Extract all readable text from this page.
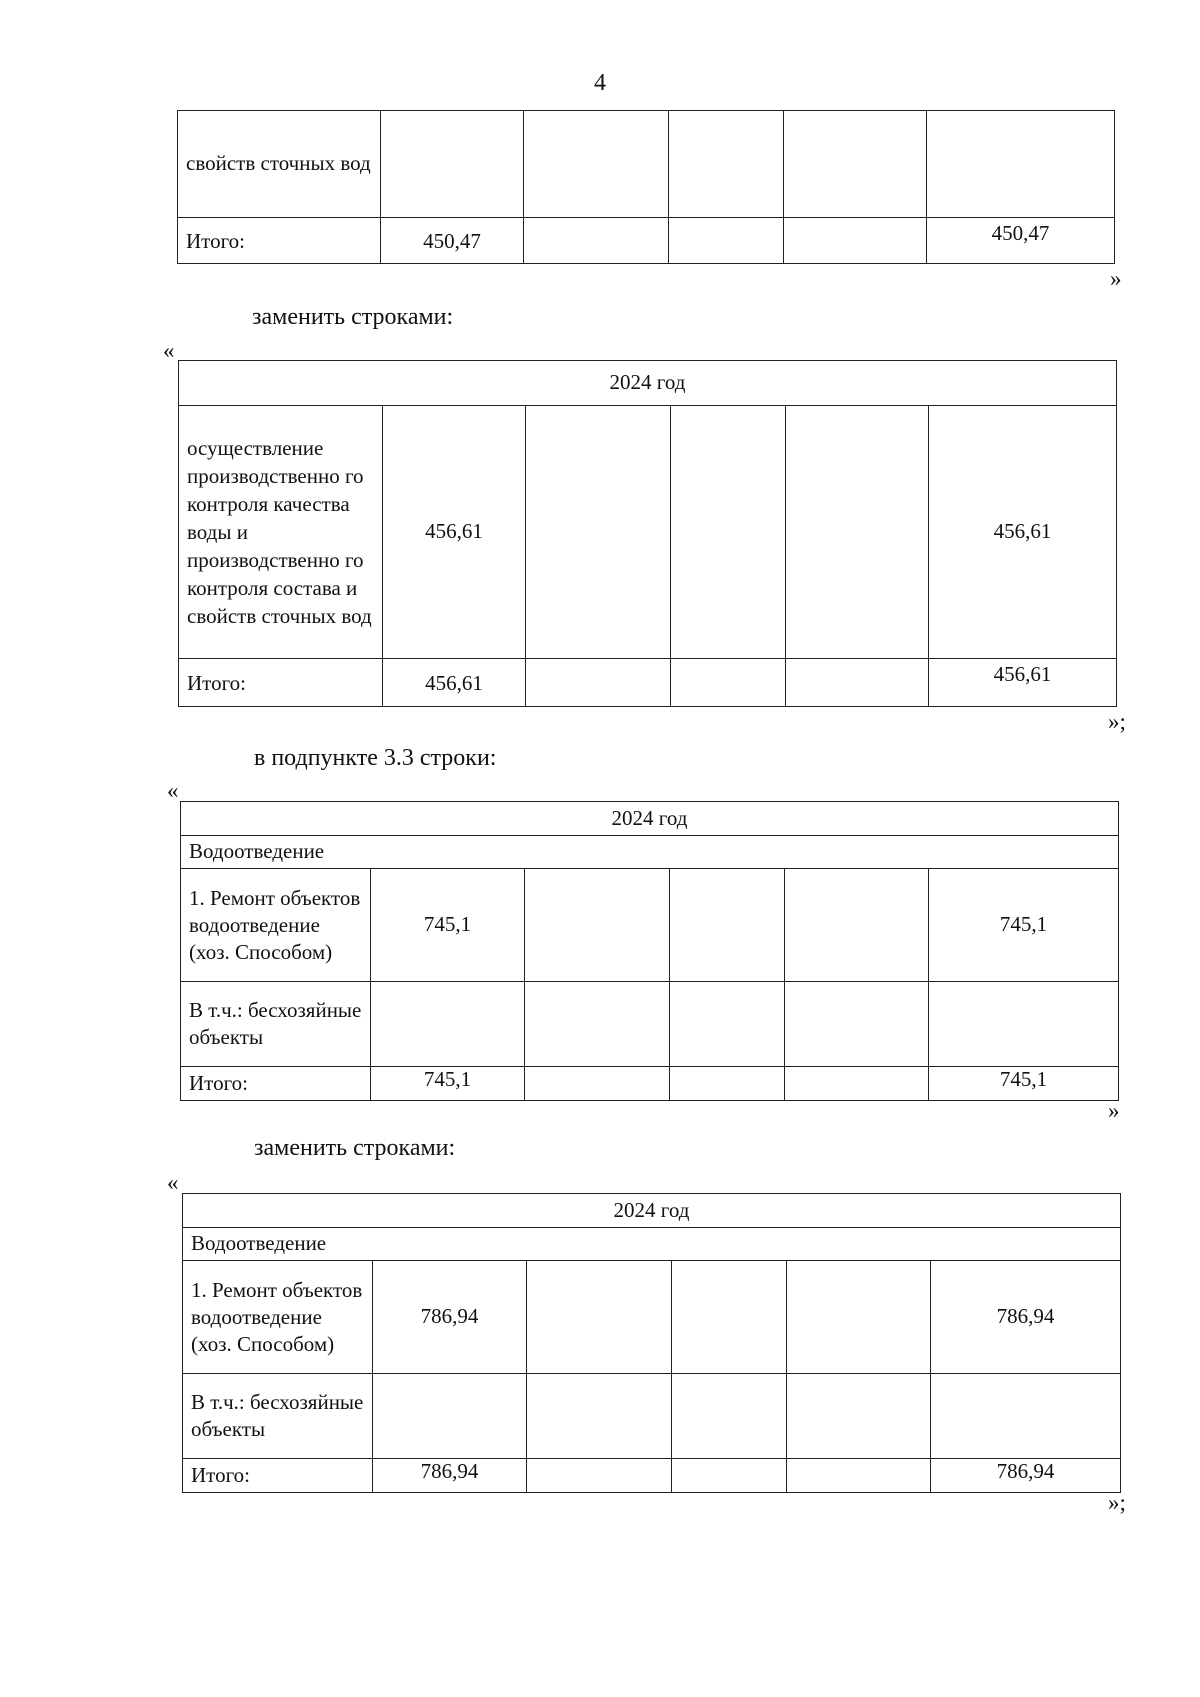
4
свойств сточных вод					
Итого:	450,47				450,47
»
заменить строками:
«
2024 год					
осуществление производственно го контроля качества воды и производственно го контроля состава и свойств сточных вод	456,61				456,61
Итого:	456,61				456,61
»;
в подпункте 3.3 строки:
«
2024 год					
Водоотведение					
1. Ремонт объектов водоотведение (хоз. Способом)	745,1				745,1
В т.ч.: бесхозяйные объекты					
Итого:	745,1				745,1
»
заменить строками:
«
2024 год					
Водоотведение					
1. Ремонт объектов водоотведение (хоз. Способом)	786,94				786,94
В т.ч.: бесхозяйные объекты					
Итого:	786,94				786,94
»;
